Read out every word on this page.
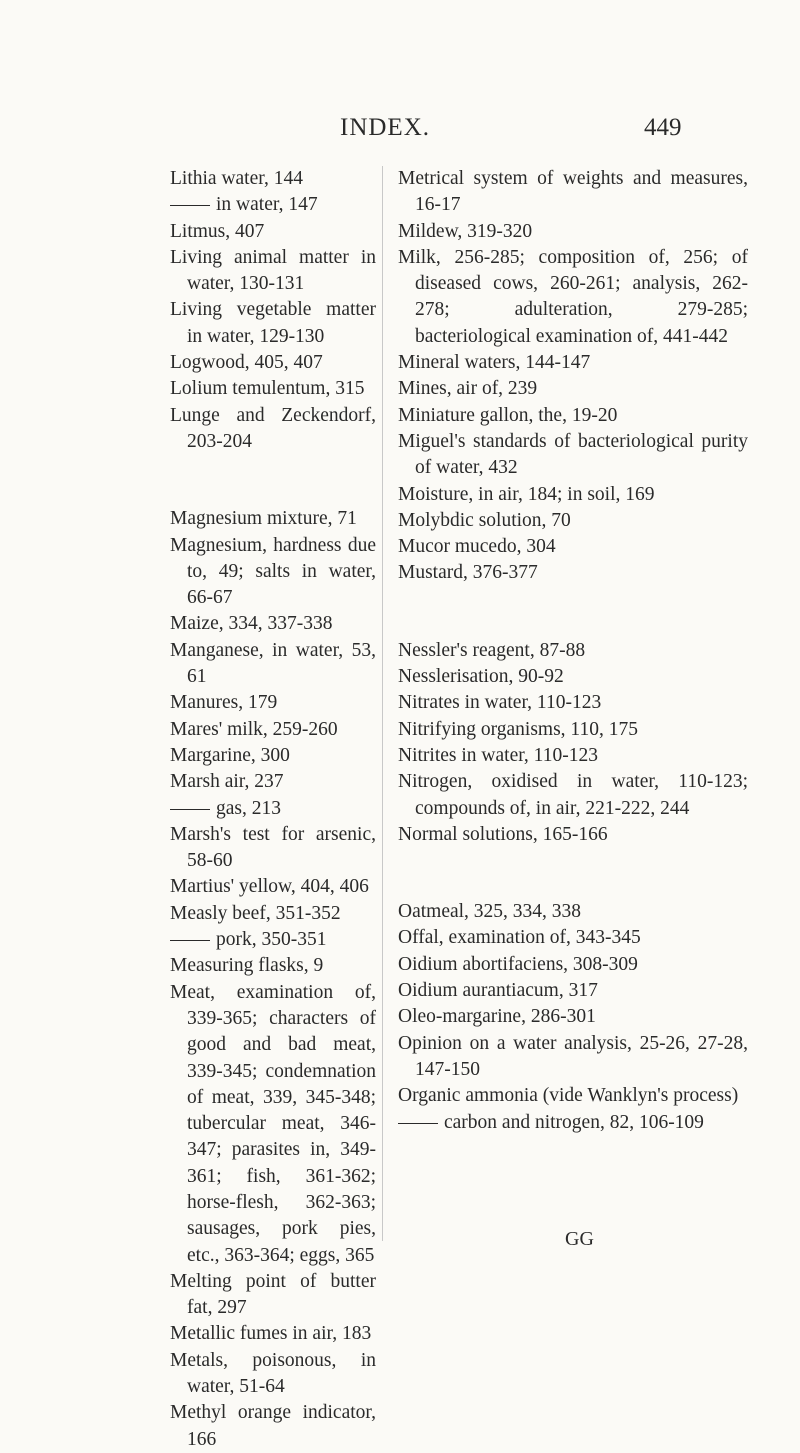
INDEX.	449
Lithia water, 144
in water, 147
Litmus, 407
Living animal matter in water, 130-131
Living vegetable matter in water, 129-130
Logwood, 405, 407
Lolium temulentum, 315
Lunge and Zeckendorf, 203-204
Magnesium mixture, 71
Magnesium, hardness due to, 49; salts in water, 66-67
Maize, 334, 337-338
Manganese, in water, 53, 61
Manures, 179
Mares' milk, 259-260
Margarine, 300
Marsh air, 237
gas, 213
Marsh's test for arsenic, 58-60
Martius' yellow, 404, 406
Measly beef, 351-352
pork, 350-351
Measuring flasks, 9
Meat, examination of, 339-365; characters of good and bad meat, 339-345; condemnation of meat, 339, 345-348; tubercular meat, 346-347; parasites in, 349-361; fish, 361-362; horse-flesh, 362-363; sausages, pork pies, etc., 363-364; eggs, 365
Melting point of butter fat, 297
Metallic fumes in air, 183
Metals, poisonous, in water, 51-64
Methyl orange indicator, 166
Metrical system of weights and measures, 16-17
Mildew, 319-320
Milk, 256-285; composition of, 256; of diseased cows, 260-261; analysis, 262-278; adulteration, 279-285; bacteriological examination of, 441-442
Mineral waters, 144-147
Mines, air of, 239
Miniature gallon, the, 19-20
Miguel's standards of bacteriological purity of water, 432
Moisture, in air, 184; in soil, 169
Molybdic solution, 70
Mucor mucedo, 304
Mustard, 376-377
Nessler's reagent, 87-88
Nesslerisation, 90-92
Nitrates in water, 110-123
Nitrifying organisms, 110, 175
Nitrites in water, 110-123
Nitrogen, oxidised in water, 110-123; compounds of, in air, 221-222, 244
Normal solutions, 165-166
Oatmeal, 325, 334, 338
Offal, examination of, 343-345
Oidium abortifaciens, 308-309
Oidium aurantiacum, 317
Oleo-margarine, 286-301
Opinion on a water analysis, 25-26, 27-28, 147-150
Organic ammonia (vide Wanklyn's process)
carbon and nitrogen, 82, 106-109
GG
